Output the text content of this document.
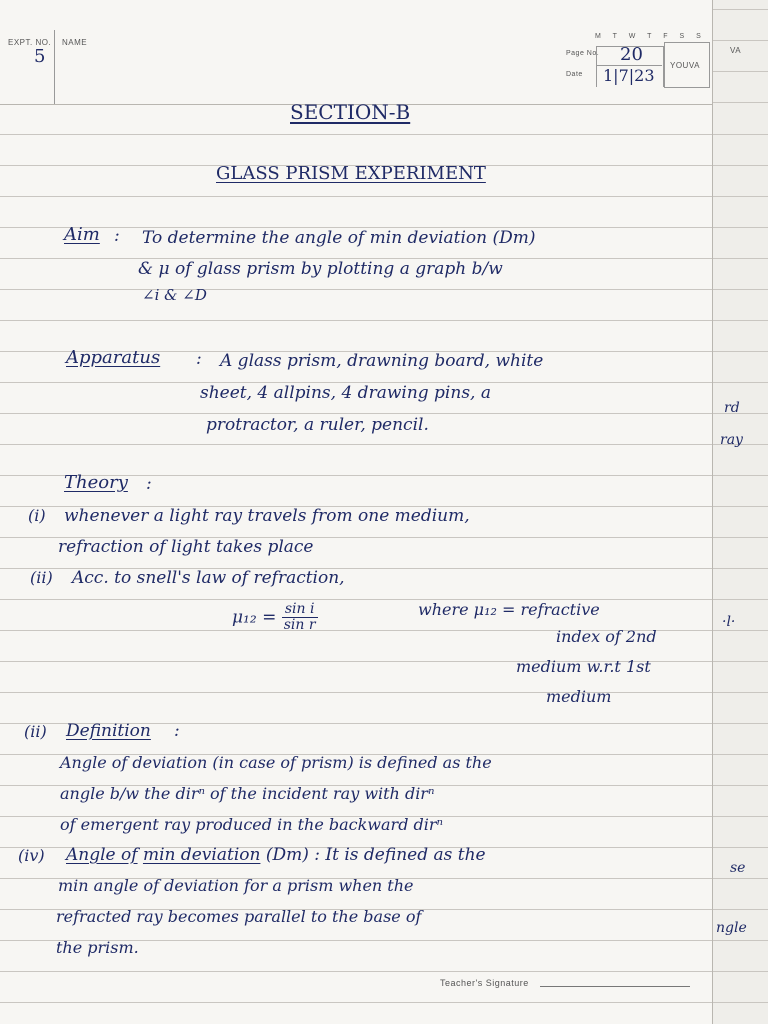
EXPT. NO.
5
NAME
M T W T F S S
Page No. 20
Date 1|7|23
YOUVA
VA
SECTION-B
GLASS PRISM EXPERIMENT
Aim : To determine the angle of min deviation (Dm)
& μ of glass prism by plotting a graph b/w
∠i & ∠D
Apparatus : A glass prism, drawning board, white
sheet, 4 allpins, 4 drawing pins, a
protractor, a ruler, pencil.
Theory :
(i) whenever a light ray travels from one medium,
refraction of light takes place
(ii) Acc. to snell's law of refraction,
$\mu_{12} = \frac{\text{sin i}}{\text{sin r}}$	where μ₁₂ = refractive
index of 2nd
medium w.r.t 1st
medium
(ii) Definition :
Angle of deviation (in case of prism) is defined as the
angle b/w the dirⁿ of the incident ray with dirⁿ
of emergent ray produced in the backward dirⁿ
(iv) Angle of min deviation (Dm) : It is defined as the
min angle of deviation for a prism when the
refracted ray becomes parallel to the base of
the prism.
Teacher's Signature
rd
ray
·l·
se
ngle
